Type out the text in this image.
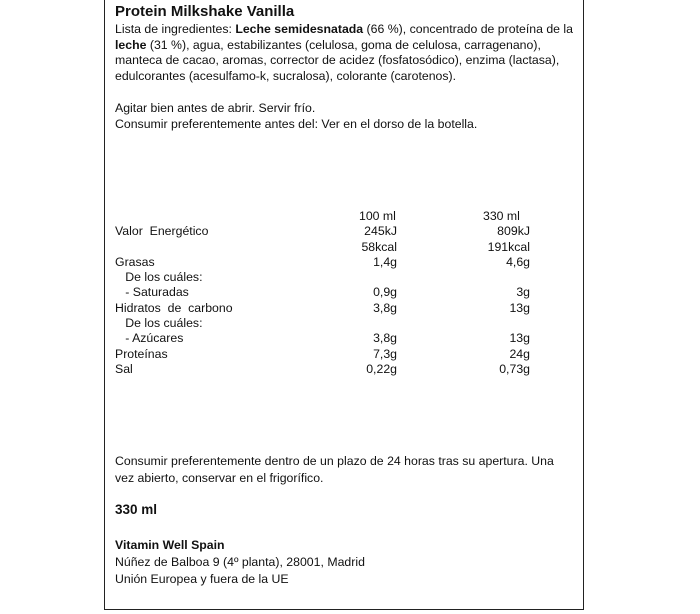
Protein Milkshake Vanilla
Lista de ingredientes: Leche semidesnatada (66 %), concentrado de proteína de la leche (31 %), agua, estabilizantes (celulosa, goma de celulosa, carragenano), manteca de cacao, aromas, corrector de acidez (fosfatosódico), enzima (lactasa), edulcorantes (acesulfamo-k, sucralosa), colorante (carotenos).
Agitar bien antes de abrir. Servir frío.
Consumir preferentemente antes del: Ver en el dorso de la botella.
100 ml	330 ml
Valor  Energético	245kJ	809kJ
58kcal	191kcal
Grasas	1,4g	4,6g
De los cuáles:
- Saturadas	0,9g	3g
Hidratos  de  carbono	3,8g	13g
De los cuáles:
- Azúcares	3,8g	13g
Proteínas	7,3g	24g
Sal	0,22g	0,73g
Consumir preferentemente dentro de un plazo de 24 horas tras su apertura. Una vez abierto, conservar en el frigorífico.
330 ml
Vitamin Well Spain
Núñez de Balboa 9 (4º planta), 28001, Madrid
Unión Europea y fuera de la UE
